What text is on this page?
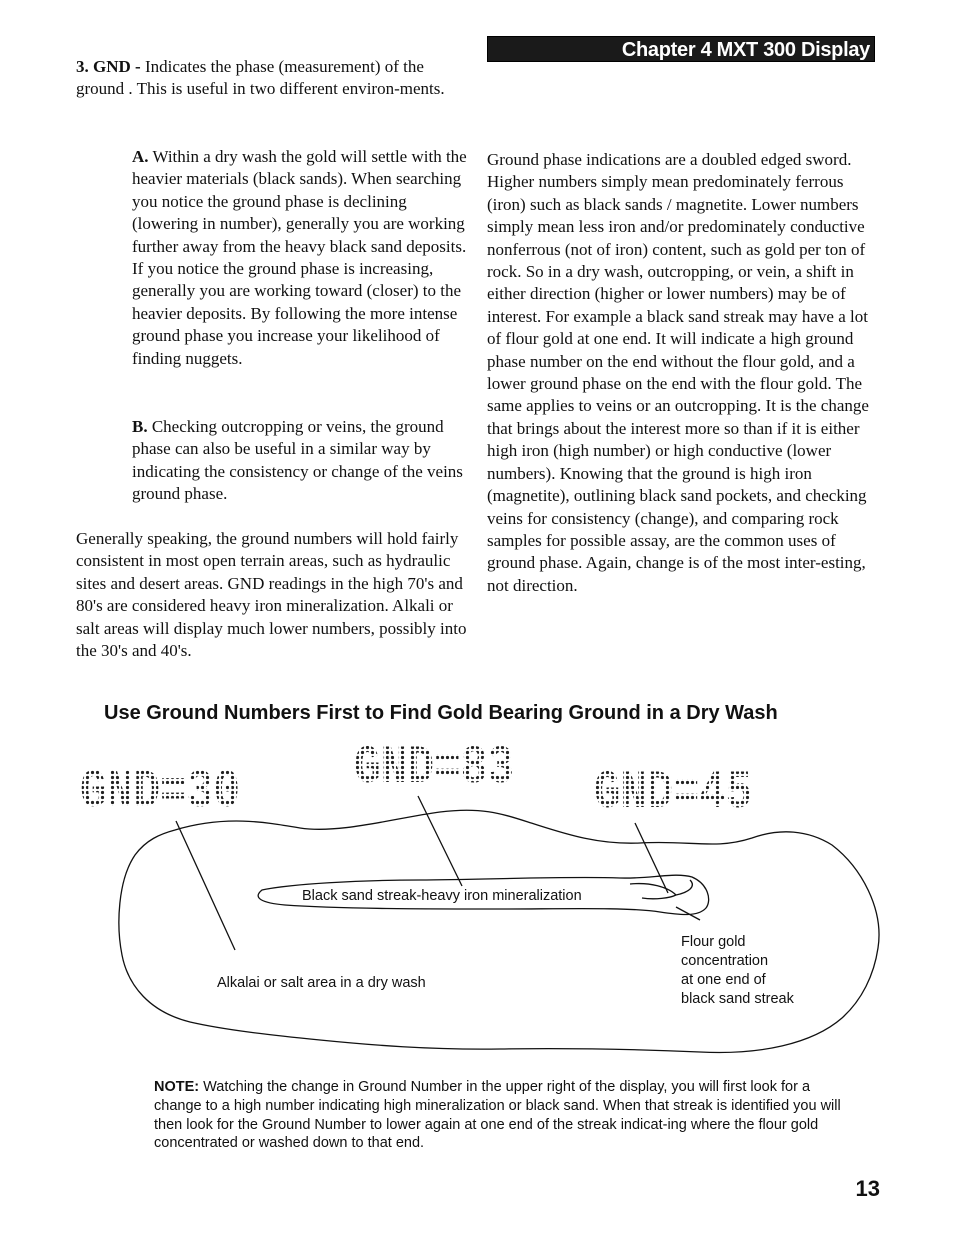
Chapter 4 MXT 300 Display

3. GND - Indicates the phase (measurement) of the ground . This is useful in two different environ-ments.

A. Within a dry wash the gold will settle with the heavier materials (black sands). When searching you notice the ground phase is declining (lowering in number), generally you are working further away from the heavy black sand deposits. If you notice the ground phase is increasing, generally you are working toward (closer) to the heavier deposits. By following the more intense ground phase you increase your likelihood of finding nuggets.

B. Checking outcropping or veins, the ground phase can also be useful in a similar way by indicating the consistency or change of the veins ground phase.

Generally speaking, the ground numbers will hold fairly consistent in most open terrain areas, such as hydraulic sites and desert areas. GND readings in the high 70's and 80's are considered heavy iron mineralization. Alkali or salt areas will display much lower numbers, possibly into the 30's and 40's.

Ground phase indications are a doubled edged sword. Higher numbers simply mean predominately ferrous (iron) such as black sands / magnetite. Lower numbers simply mean less iron and/or predominately conductive nonferrous (not of iron) content, such as gold per ton of rock. So in a dry wash, outcropping, or vein, a shift in either direction (higher or lower numbers) may be of interest. For example a black sand streak may have a lot of flour gold at one end. It will indicate a high ground phase number on the end without the flour gold, and a lower ground phase on the end with the flour gold. The same applies to veins or an outcropping. It is the change that brings about the interest more so than if it is either high iron (high number) or high conductive (lower numbers). Knowing that the ground is high iron (magnetite), outlining black sand pockets, and checking veins for consistency (change), and comparing rock samples for possible assay, are the common uses of ground phase. Again, change is of the most inter-esting, not direction.

Use Ground Numbers First to Find Gold Bearing Ground in a Dry Wash
GND=30 GND=83 GND=45

Black sand streak-heavy iron mineralization

Alkalai or salt area in a dry wash

Flour gold
concentration
at one end of
black sand streak

NOTE: Watching the change in Ground Number in the upper right of the display, you will first look for a change to a high number indicating high mineralization or black sand. When that streak is identified you will then look for the Ground Number to lower again at one end of the streak indicat-ing where the flour gold concentrated or washed down to that end.

13
